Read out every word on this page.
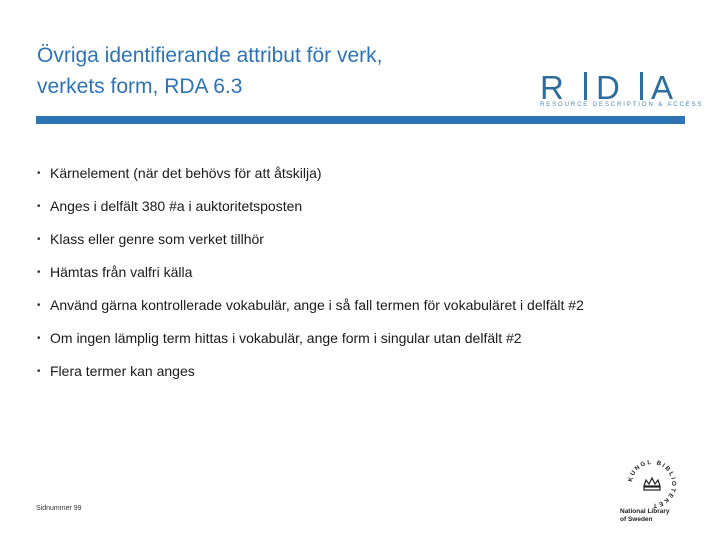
Övriga identifierande attribut för verk,
verkets form, RDA 6.3	R D A
RESOURCE DESCRIPTION & ACCESS
• Kärnelement (när det behövs för att åtskilja)
• Anges i delfält 380 #a i auktoritetsposten
• Klass eller genre som verket tillhör
• Hämtas från valfri källa
• Använd gärna kontrollerade vokabulär, ange i så fall termen för vokabuläret i delfält #2
• Om ingen lämplig term hittas i vokabulär, ange form i singular utan delfält #2
• Flera termer kan anges
Sidnummer 99
KUNGL BIBLIOTEKET
National Library
of Sweden
